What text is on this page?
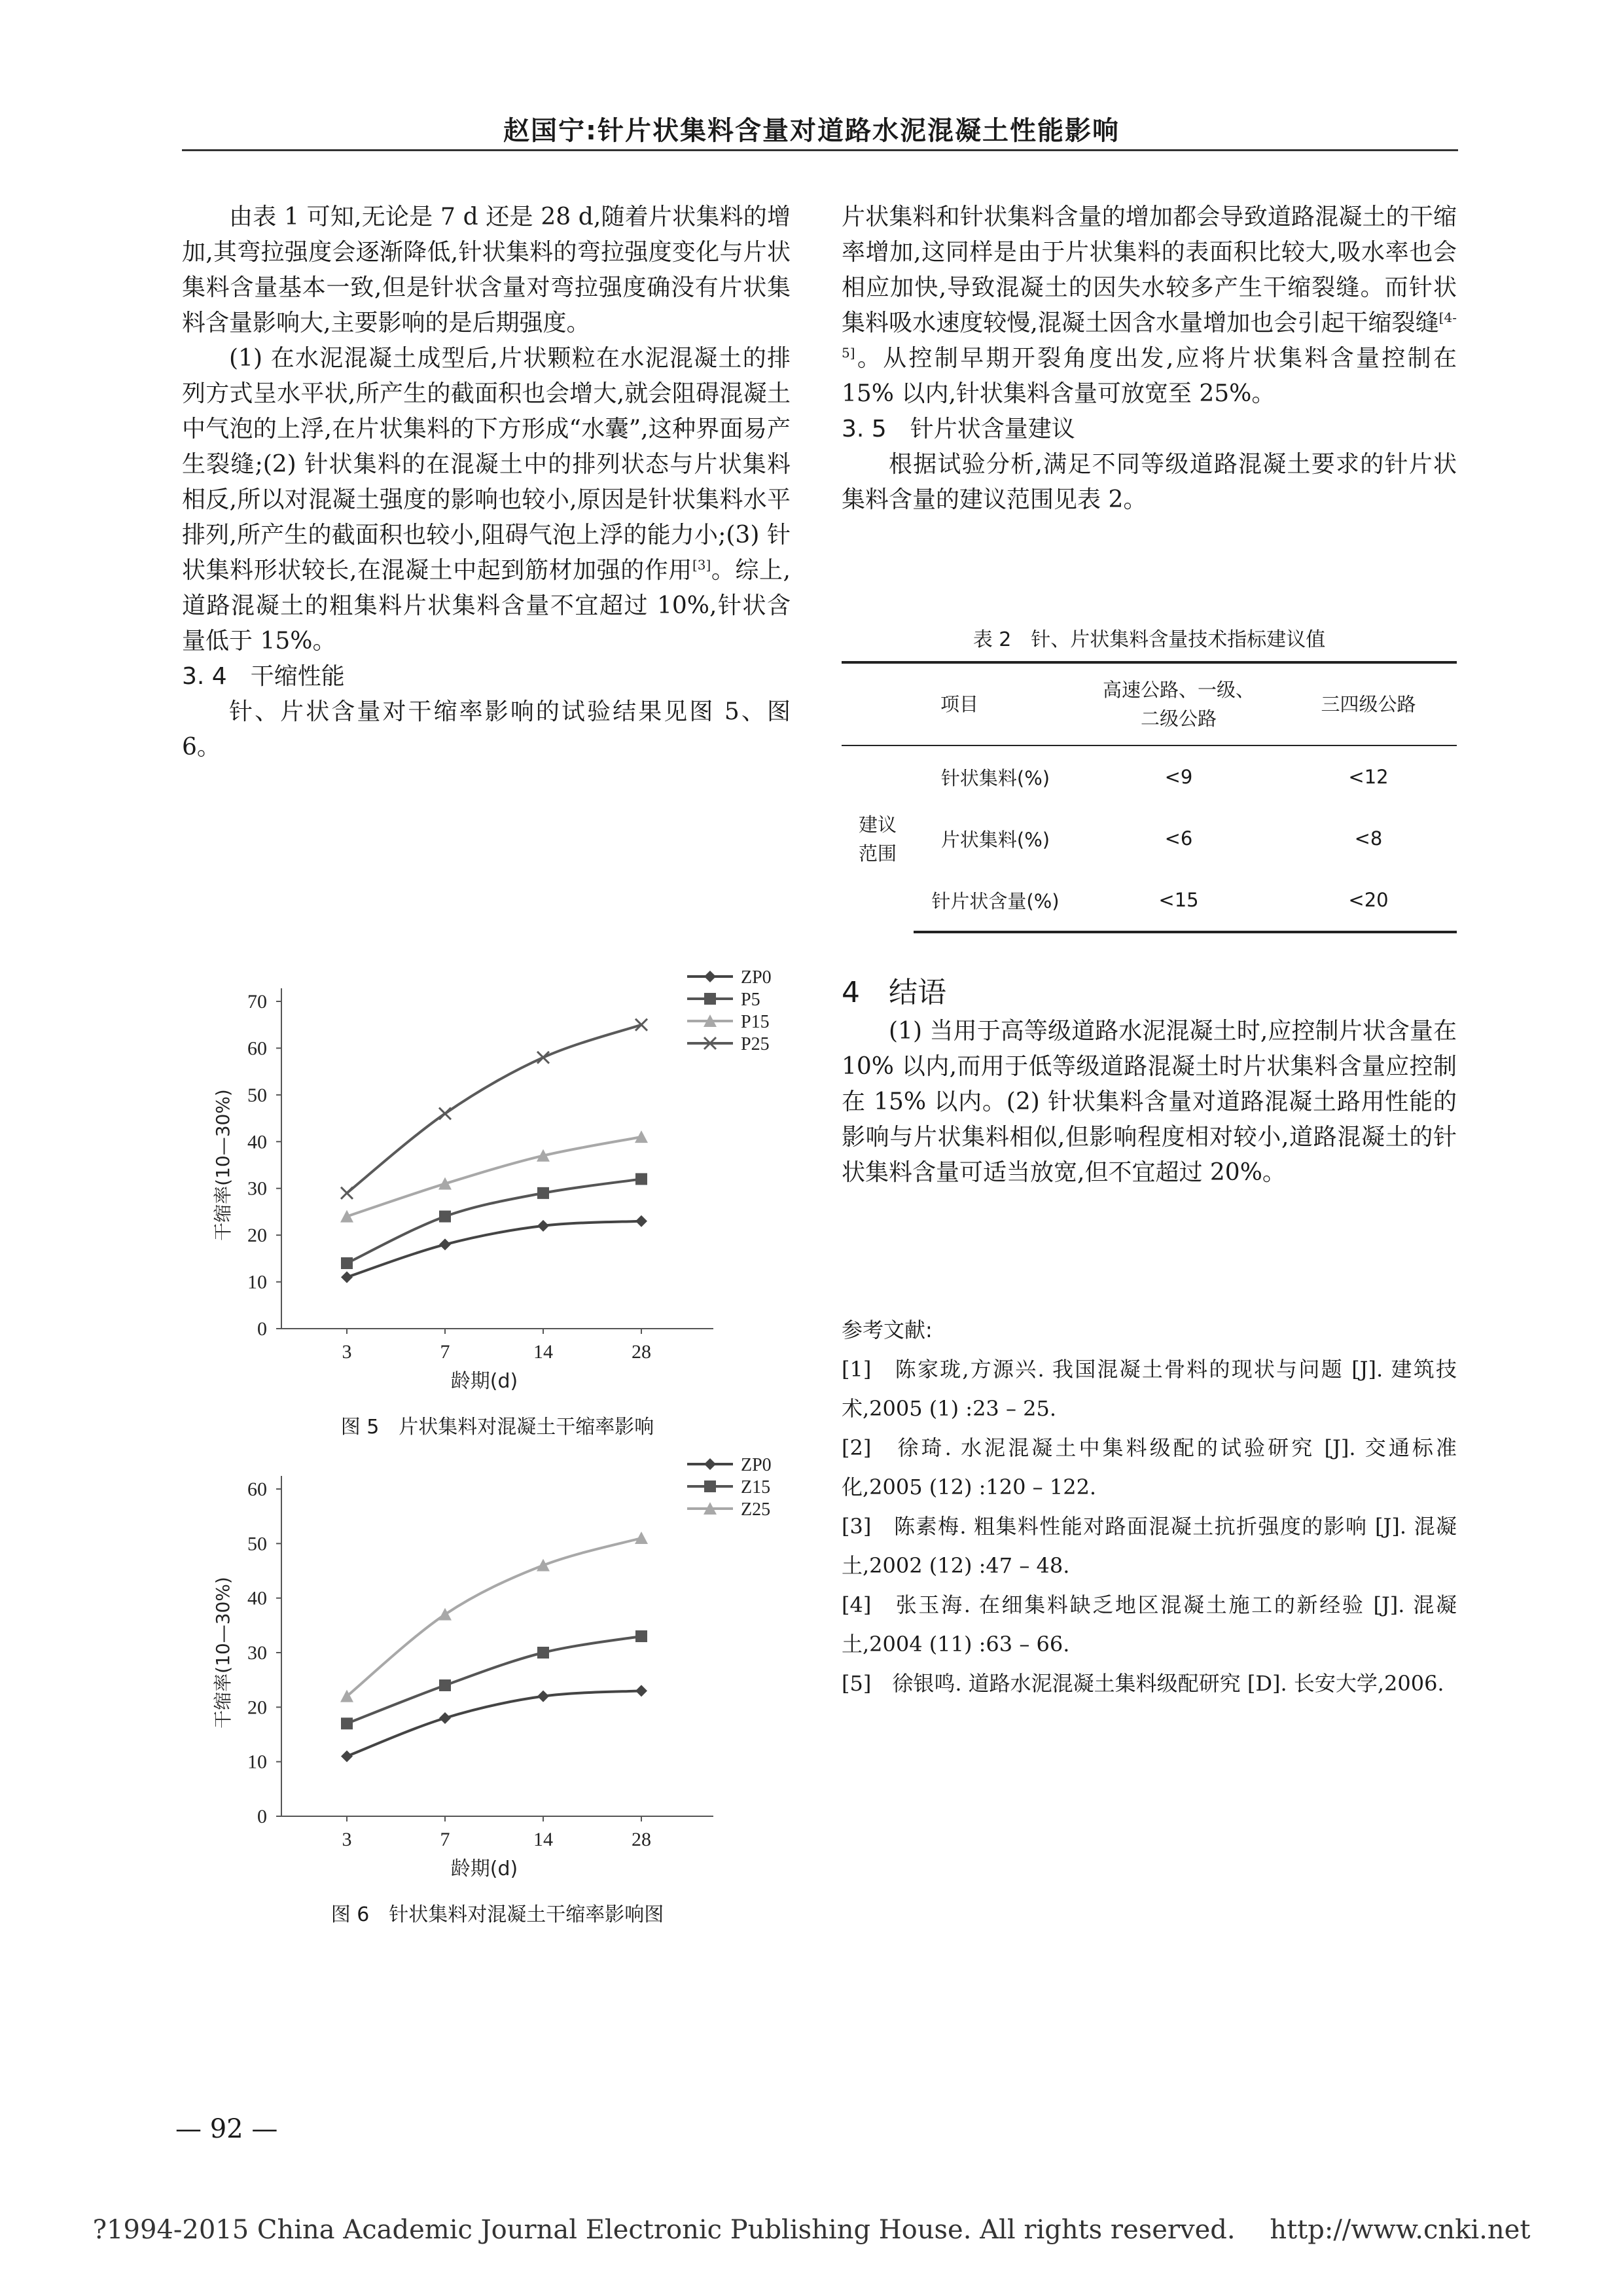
赵国宁:针片状集料含量对道路水泥混凝土性能影响

由表 1 可知,无论是 7 d 还是 28 d,随着片状集料的增加,其弯拉强度会逐渐降低,针状集料的弯拉强度变化与片状集料含量基本一致,但是针状含量对弯拉强度确没有片状集料含量影响大,主要影响的是后期强度。

(1) 在水泥混凝土成型后,片状颗粒在水泥混凝土的排列方式呈水平状,所产生的截面积也会增大,就会阻碍混凝土中气泡的上浮,在片状集料的下方形成“水囊”,这种界面易产生裂缝;(2) 针状集料的在混凝土中的排列状态与片状集料相反,所以对混凝土强度的影响也较小,原因是针状集料水平排列,所产生的截面积也较小,阻碍气泡上浮的能力小;(3) 针状集料形状较长,在混凝土中起到筋材加强的作用[3]。综上,道路混凝土的粗集料片状集料含量不宜超过 10%,针状含量低于 15%。

3. 4　干缩性能

针、片状含量对干缩率影响的试验结果见图 5、图 6。

片状集料和针状集料含量的增加都会导致道路混凝土的干缩率增加,这同样是由于片状集料的表面积比较大,吸水率也会相应加快,导致混凝土的因失水较多产生干缩裂缝。而针状集料吸水速度较慢,混凝土因含水量增加也会引起干缩裂缝[4-5]。从控制早期开裂角度出发,应将片状集料含量控制在 15% 以内,针状集料含量可放宽至 25%。

3. 5　针片状含量建议

根据试验分析,满足不同等级道路混凝土要求的针片状集料含量的建议范围见表 2。

表 2　针、片状集料含量技术指标建议值
项目		高速公路、一级、二级公路	三四级公路
建议范围	针状集料(%)	<9	<12
	片状集料(%)	<6	<8
	针片状含量(%)	<15	<20
4　结语

(1) 当用于高等级道路水泥混凝土时,应控制片状含量在 10% 以内,而用于低等级道路混凝土时片状集料含量应控制在 15% 以内。(2) 针状集料含量对道路混凝土路用性能的影响与片状集料相似,但影响程度相对较小,道路混凝土的针状集料含量可适当放宽,但不宜超过 20%。

参考文献:

[1]　陈家珑,方源兴. 我国混凝土骨料的现状与问题 [J]. 建筑技术,2005 (1) :23 – 25.

[2]　徐琦. 水泥混凝土中集料级配的试验研究 [J]. 交通标准化,2005 (12) :120 – 122.

[3]　陈素梅. 粗集料性能对路面混凝土抗折强度的影响 [J]. 混凝土,2002 (12) :47 – 48.

[4]　张玉海. 在细集料缺乏地区混凝土施工的新经验 [J]. 混凝土,2004 (11) :63 – 66.

[5]　徐银鸣. 道路水泥混凝土集料级配研究 [D]. 长安大学,2006.

0
10
20
30
40
50
60
70
3	7	14	28
龄期(d)
干缩率(10—30%)
ZP0
P5
P15
P25
图 5　片状集料对混凝土干缩率影响
0
10
20
30
40
50
60
3	7	14	28
龄期(d)
干缩率(10—30%)
ZP0
Z15
Z25
图 6　针状集料对混凝土干缩率影响图
— 92 —
?1994-2015 China Academic Journal Electronic Publishing House. All rights reserved.　 http://www.cnki.net
